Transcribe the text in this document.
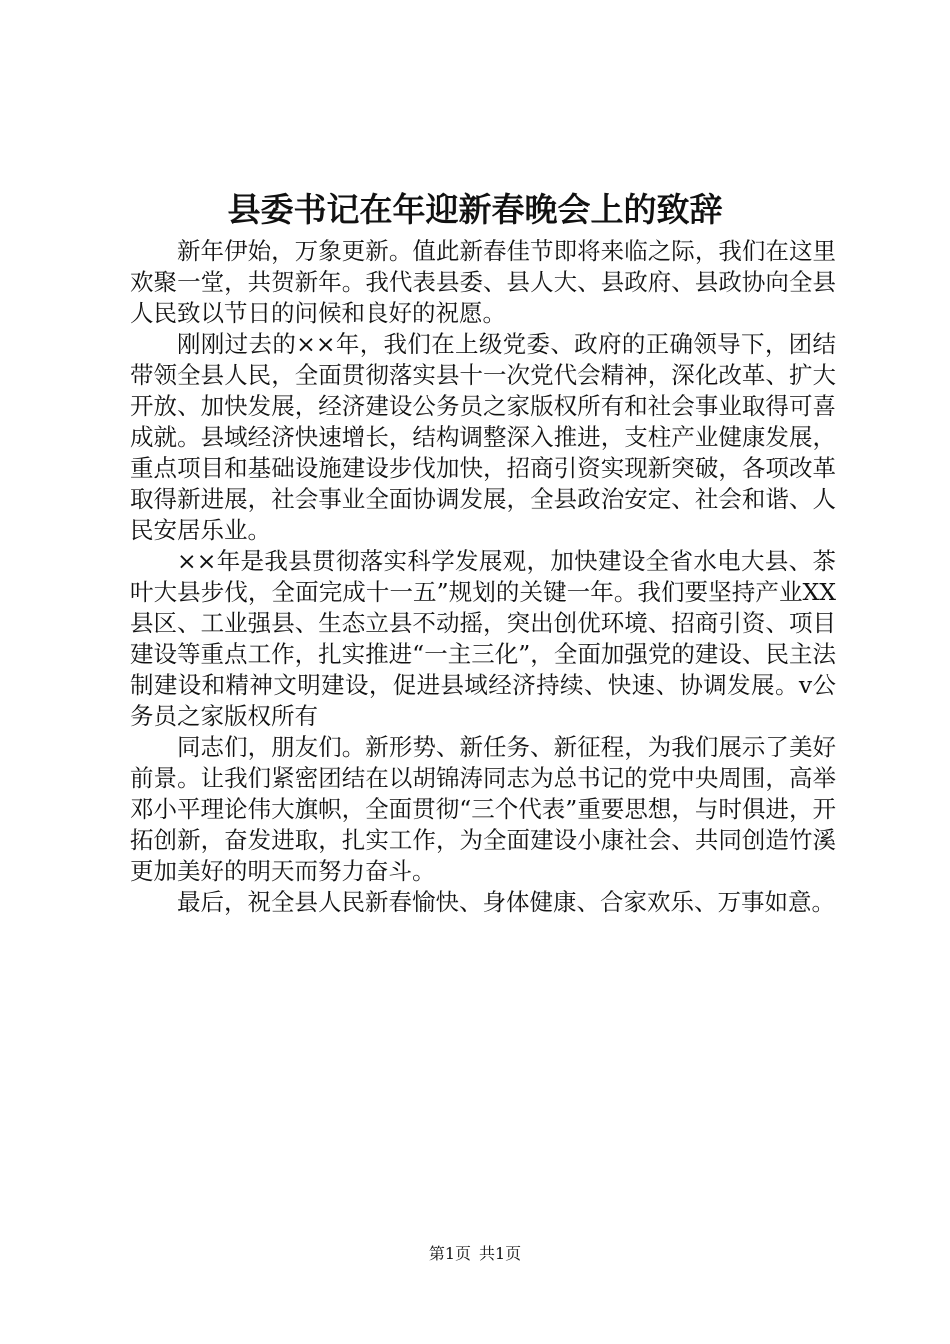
县委书记在年迎新春晚会上的致辞

新年伊始，万象更新。值此新春佳节即将来临之际，我们在这里欢聚一堂，共贺新年。我代表县委、县人大、县政府、县政协向全县人民致以节日的问候和良好的祝愿。

刚刚过去的××年，我们在上级党委、政府的正确领导下，团结带领全县人民，全面贯彻落实县十一次党代会精神，深化改革、扩大开放、加快发展，经济建设公务员之家版权所有和社会事业取得可喜成就。县域经济快速增长，结构调整深入推进，支柱产业健康发展，重点项目和基础设施建设步伐加快，招商引资实现新突破，各项改革取得新进展，社会事业全面协调发展，全县政治安定、社会和谐、人民安居乐业。

××年是我县贯彻落实科学发展观，加快建设全省水电大县、茶叶大县步伐，全面完成十一五”规划的关键一年。我们要坚持产业XX县区、工业强县、生态立县不动摇，突出创优环境、招商引资、项目建设等重点工作，扎实推进“一主三化”，全面加强党的建设、民主法制建设和精神文明建设，促进县域经济持续、快速、协调发展。v公务员之家版权所有

同志们，朋友们。新形势、新任务、新征程，为我们展示了美好前景。让我们紧密团结在以胡锦涛同志为总书记的党中央周围，高举邓小平理论伟大旗帜，全面贯彻“三个代表”重要思想，与时俱进，开拓创新，奋发进取，扎实工作，为全面建设小康社会、共同创造竹溪更加美好的明天而努力奋斗。

最后，祝全县人民新春愉快、身体健康、合家欢乐、万事如意。

第1页 共1页
